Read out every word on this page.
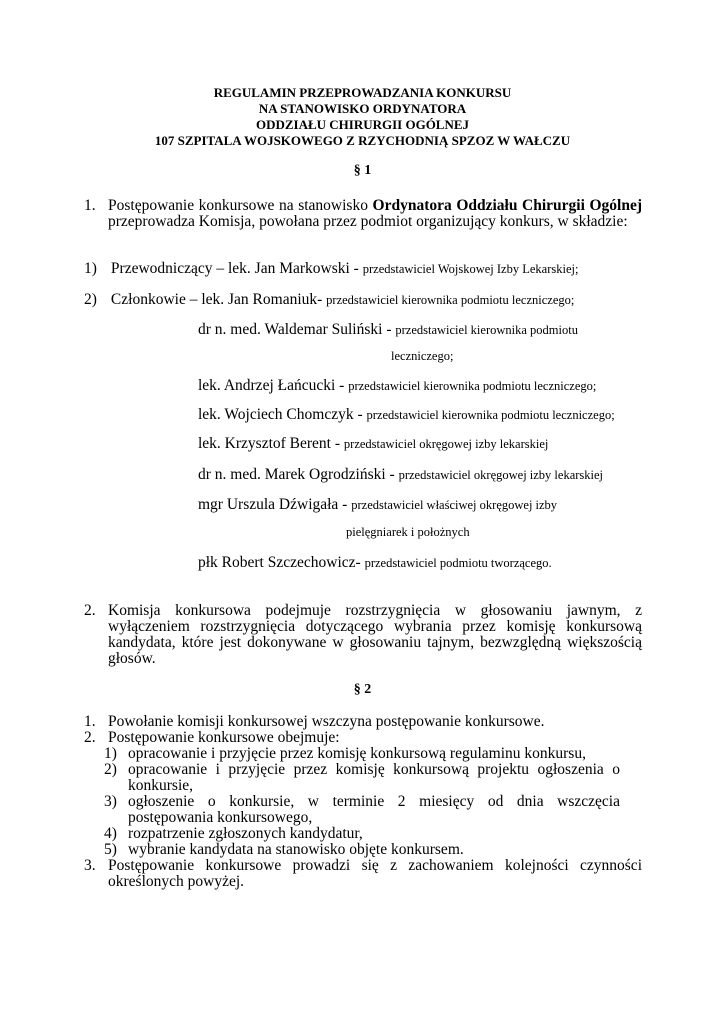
REGULAMIN PRZEPROWADZANIA KONKURSU
NA STANOWISKO ORDYNATORA
ODDZIAŁU CHIRURGII OGÓLNEJ
107 SZPITALA WOJSKOWEGO Z RZYCHODNIĄ SPZOZ W WAŁCZU
§ 1
1. Postępowanie konkursowe na stanowisko Ordynatora Oddziału Chirurgii Ogólnej przeprowadza Komisja, powołana przez podmiot organizujący konkurs, w składzie:
1) Przewodniczący – lek. Jan Markowski - przedstawiciel Wojskowej Izby Lekarskiej;
2) Członkowie – lek. Jan Romaniuk- przedstawiciel kierownika podmiotu leczniczego;
dr n. med. Waldemar Suliński - przedstawiciel kierownika podmiotu
leczniczego;
lek. Andrzej Łańcucki - przedstawiciel kierownika podmiotu leczniczego;
lek. Wojciech Chomczyk - przedstawiciel kierownika podmiotu leczniczego;
lek. Krzysztof Berent - przedstawiciel okręgowej izby lekarskiej
dr n. med. Marek Ogrodziński - przedstawiciel okręgowej izby lekarskiej
mgr Urszula Dźwigała - przedstawiciel właściwej okręgowej izby
pielęgniarek i położnych
płk Robert Szczechowicz- przedstawiciel podmiotu tworzącego.
2. Komisja konkursowa podejmuje rozstrzygnięcia w głosowaniu jawnym, z wyłączeniem rozstrzygnięcia dotyczącego wybrania przez komisję konkursową kandydata, które jest dokonywane w głosowaniu tajnym, bezwzględną większością głosów.
§ 2
1. Powołanie komisji konkursowej wszczyna postępowanie konkursowe.
2. Postępowanie konkursowe obejmuje:
1) opracowanie i przyjęcie przez komisję konkursową regulaminu konkursu,
2) opracowanie i przyjęcie przez komisję konkursową projektu ogłoszenia o konkursie,
3) ogłoszenie o konkursie, w terminie 2 miesięcy od dnia wszczęcia postępowania konkursowego,
4) rozpatrzenie zgłoszonych kandydatur,
5) wybranie kandydata na stanowisko objęte konkursem.
3. Postępowanie konkursowe prowadzi się z zachowaniem kolejności czynności określonych powyżej.
